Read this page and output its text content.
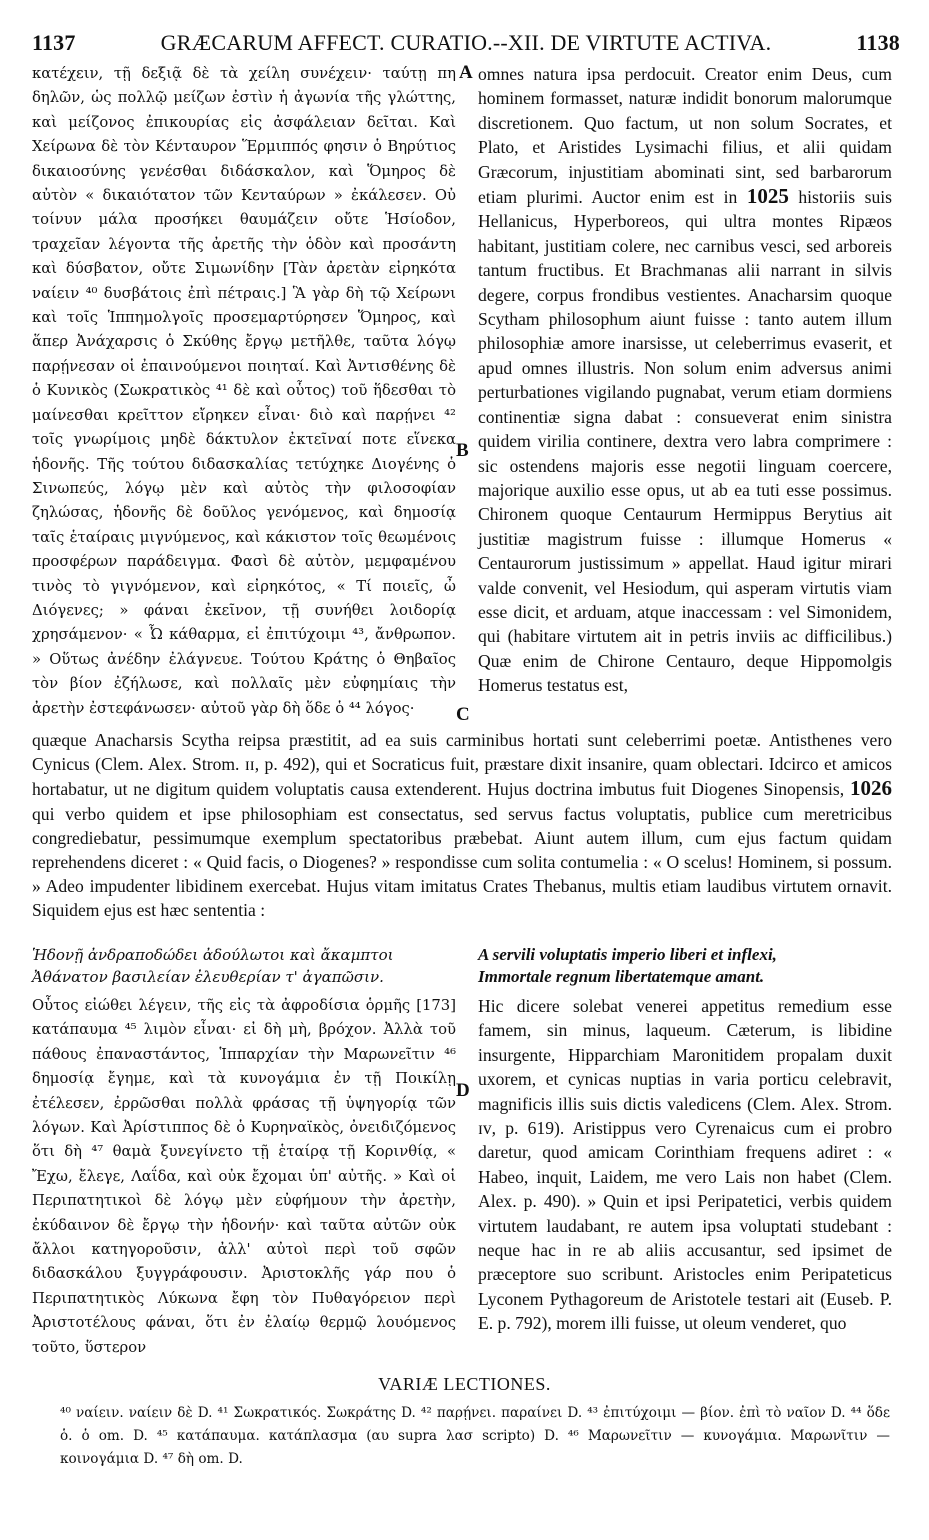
1137	GRÆCARUM AFFECT. CURATIO.--XII. DE VIRTUTE ACTIVA.	1138

κατέχειν, τῇ δεξιᾷ δὲ τὰ χείλη συνέχειν· ταύτῃ πη δηλῶν, ὡς πολλῷ μείζων ἐστὶν ἡ ἀγωνία τῆς γλώττης, καὶ μείζονος ἐπικουρίας εἰς ἀσφάλειαν δεῖται. Καὶ Χείρωνα δὲ τὸν Κένταυρον Ἕρμιππός φησιν ὁ Βηρύτιος δικαιοσύνης γενέσθαι διδάσκαλον, καὶ Ὅμηρος δὲ αὐτὸν « δικαιότατον τῶν Κενταύρων » ἐκάλεσεν. Οὐ τοίνυν μάλα προσήκει θαυμάζειν οὔτε Ἡσίοδον, τραχεῖαν λέγοντα τῆς ἀρετῆς τὴν ὁδὸν καὶ προσάντη καὶ δύσβατον, οὔτε Σιμωνίδην [Τὰν ἀρετὰν εἰρηκότα ναίειν ⁴⁰ δυσβάτοις ἐπὶ πέτραις.] Ἃ γὰρ δὴ τῷ Χείρωνι καὶ τοῖς Ἱππημολγοῖς προσεμαρτύρησεν Ὅμηρος, καὶ ἅπερ Ἀνάχαρσις ὁ Σκύθης ἔργῳ μετῆλθε, ταῦτα λόγῳ παρῄνεσαν οἱ ἐπαινούμενοι ποιηταί. Καὶ Ἀντισθένης δὲ ὁ Κυνικὸς (Σωκρατικὸς ⁴¹ δὲ καὶ οὗτος) τοῦ ἥδεσθαι τὸ μαίνεσθαι κρεῖττον εἴρηκεν εἶναι· διὸ καὶ παρῄνει ⁴² τοῖς γνωρίμοις μηδὲ δάκτυλον ἐκτεῖναί ποτε εἵνεκα ἡδονῆς. Τῆς τούτου διδασκαλίας τετύχηκε Διογένης ὁ Σινωπεύς, λόγῳ μὲν καὶ αὐτὸς τὴν φιλοσοφίαν ζηλώσας, ἡδονῆς δὲ δοῦλος γενόμενος, καὶ δημοσίᾳ ταῖς ἑταίραις μιγνύμενος, καὶ κάκιστον τοῖς θεωμένοις προσφέρων παράδειγμα. Φασὶ δὲ αὐτὸν, μεμφαμένου τινὸς τὸ γιγνόμενον, καὶ εἰρηκότος, « Τί ποιεῖς, ὦ Διόγενες; » φάναι ἐκεῖνον, τῇ συνήθει λοιδορίᾳ χρησάμενον· « Ὦ κάθαρμα, εἰ ἐπιτύχοιμι ⁴³, ἄνθρωπον. » Οὕτως ἀνέδην ἐλάγνευε. Τούτου Κράτης ὁ Θηβαῖος τὸν βίον ἐζήλωσε, καὶ πολλαῖς μὲν εὐφημίαις τὴν ἀρετὴν ἐστεφάνωσεν· αὐτοῦ γὰρ δὴ ὅδε ὁ ⁴⁴ λόγος·

omnes natura ipsa perdocuit. Creator enim Deus, cum hominem formasset, naturæ indidit bonorum malorumque discretionem. Quo factum, ut non solum Socrates, et Plato, et Aristides Lysimachi filius, et alii quidam Græcorum, injustitiam abominati sint, sed barbarorum etiam plurimi. Auctor enim est in 1025 historiis suis Hellanicus, Hyperboreos, qui ultra montes Ripæos habitant, justitiam colere, nec carnibus vesci, sed arboreis tantum fructibus. Et Brachmanas alii narrant in silvis degere, corpus frondibus vestientes. Anacharsim quoque Scytham philosophum aiunt fuisse : tanto autem illum philosophiæ amore inarsisse, ut celeberrimus evaserit, et apud omnes illustris. Non solum enim adversus animi perturbationes vigilando pugnabat, verum etiam dormiens continentiæ signa dabat : consueverat enim sinistra quidem virilia continere, dextra vero labra comprimere : sic ostendens majoris esse negotii linguam coercere, majorique auxilio esse opus, ut ab ea tuti esse possimus. Chironem quoque Centaurum Hermippus Berytius ait justitiæ magistrum fuisse : illumque Homerus « Centaurorum justissimum » appellat. Haud igitur mirari valde convenit, vel Hesiodum, qui asperam virtutis viam esse dicit, et arduam, atque inaccessam : vel Simonidem, qui (habitare virtutem ait in petris inviis ac difficilibus.) Quæ enim de Chirone Centauro, deque Hippomolgis Homerus testatus est,

A
B
C
D

quæque Anacharsis Scytha reipsa præstitit, ad ea suis carminibus hortati sunt celeberrimi poetæ. Antisthenes vero Cynicus (Clem. Alex. Strom. ɪɪ, p. 492), qui et Socraticus fuit, præstare dixit insanire, quam oblectari. Idcirco et amicos hortabatur, ut ne digitum quidem voluptatis causa extenderent. Hujus doctrina imbutus fuit Diogenes Sinopensis, 1026 qui verbo quidem et ipse philosophiam est consectatus, sed servus factus voluptatis, publice cum meretricibus congrediebatur, pessimumque exemplum spectatoribus præbebat. Aiunt autem illum, cum ejus factum quidam reprehendens diceret : « Quid facis, o Diogenes? » respondisse cum solita contumelia : « O scelus! Hominem, si possum. » Adeo impudenter libidinem exercebat. Hujus vitam imitatus Crates Thebanus, multis etiam laudibus virtutem ornavit. Siquidem ejus est hæc sententia :

Ἡδονῇ ἀνδραποδώδει ἀδούλωτοι καὶ ἄκαμπτοι
Ἀθάνατον βασιλείαν ἐλευθερίαν τ' ἀγαπῶσιν.
A servili voluptatis imperio liberi et inflexi,
Immortale regnum libertatemque amant.

Οὗτος εἰώθει λέγειν, τῆς εἰς τὰ ἀφροδίσια ὁρμῆς [173] κατάπαυμα ⁴⁵ λιμὸν εἶναι· εἰ δὴ μὴ, βρόχον. Ἀλλὰ τοῦ πάθους ἐπαναστάντος, Ἱππαρχίαν τὴν Μαρωνεῖτιν ⁴⁶ δημοσίᾳ ἔγημε, καὶ τὰ κυνογάμια ἐν τῇ Ποικίλῃ ἐτέλεσεν, ἐρρῶσθαι πολλὰ φράσας τῇ ὑψηγορίᾳ τῶν λόγων. Καὶ Ἀρίστιππος δὲ ὁ Κυρηναϊκὸς, ὀνειδιζόμενος ὅτι δὴ ⁴⁷ θαμὰ ξυνεγίνετο τῇ ἑταίρᾳ τῇ Κορινθίᾳ, « Ἔχω, ἔλεγε, Λαΐδα, καὶ οὐκ ἔχομαι ὑπ' αὐτῆς. » Καὶ οἱ Περιπατητικοὶ δὲ λόγῳ μὲν εὐφήμουν τὴν ἀρετὴν, ἐκύδαινον δὲ ἔργῳ τὴν ἡδονήν· καὶ ταῦτα αὐτῶν οὐκ ἄλλοι κατηγοροῦσιν, ἀλλ' αὐτοὶ περὶ τοῦ σφῶν διδασκάλου ξυγγράφουσιν. Ἀριστοκλῆς γάρ που ὁ Περιπατητικὸς Λύκωνα ἔφη τὸν Πυθαγόρειον περὶ Ἀριστοτέλους φάναι, ὅτι ἐν ἐλαίῳ θερμῷ λουόμενος τοῦτο, ὕστερον

Hic dicere solebat venerei appetitus remedium esse famem, sin minus, laqueum. Cæterum, is libidine insurgente, Hipparchiam Maronitidem propalam duxit uxorem, et cynicas nuptias in varia porticu celebravit, magnificis illis suis dictis valedicens (Clem. Alex. Strom. ɪᴠ, p. 619). Aristippus vero Cyrenaicus cum ei probro daretur, quod amicam Corinthiam frequens adiret : « Habeo, inquit, Laidem, me vero Lais non habet (Clem. Alex. p. 490). » Quin et ipsi Peripatetici, verbis quidem virtutem laudabant, re autem ipsa voluptati studebant : neque hac in re ab aliis accusantur, sed ipsimet de præceptore suo scribunt. Aristocles enim Peripateticus Lyconem Pythagoreum de Aristotele testari ait (Euseb. P. E. p. 792), morem illi fuisse, ut oleum venderet, quo

VARIÆ LECTIONES.
⁴⁰ ναίειν. ναίειν δὲ D. ⁴¹ Σωκρατικός. Σωκράτης D. ⁴² παρῄνει. παραίνει D. ⁴³ ἐπιτύχοιμι — βίον. ἐπὶ τὸ ναῖον D. ⁴⁴ ὅδε ὁ. ὁ om. D. ⁴⁵ κατάπαυμα. κατάπλασμα (αυ supra λασ scripto) D. ⁴⁶ Μαρωνεῖτιν — κυνογάμια. Μαρωνῖτιν — κοινογάμια D. ⁴⁷ δὴ om. D.
